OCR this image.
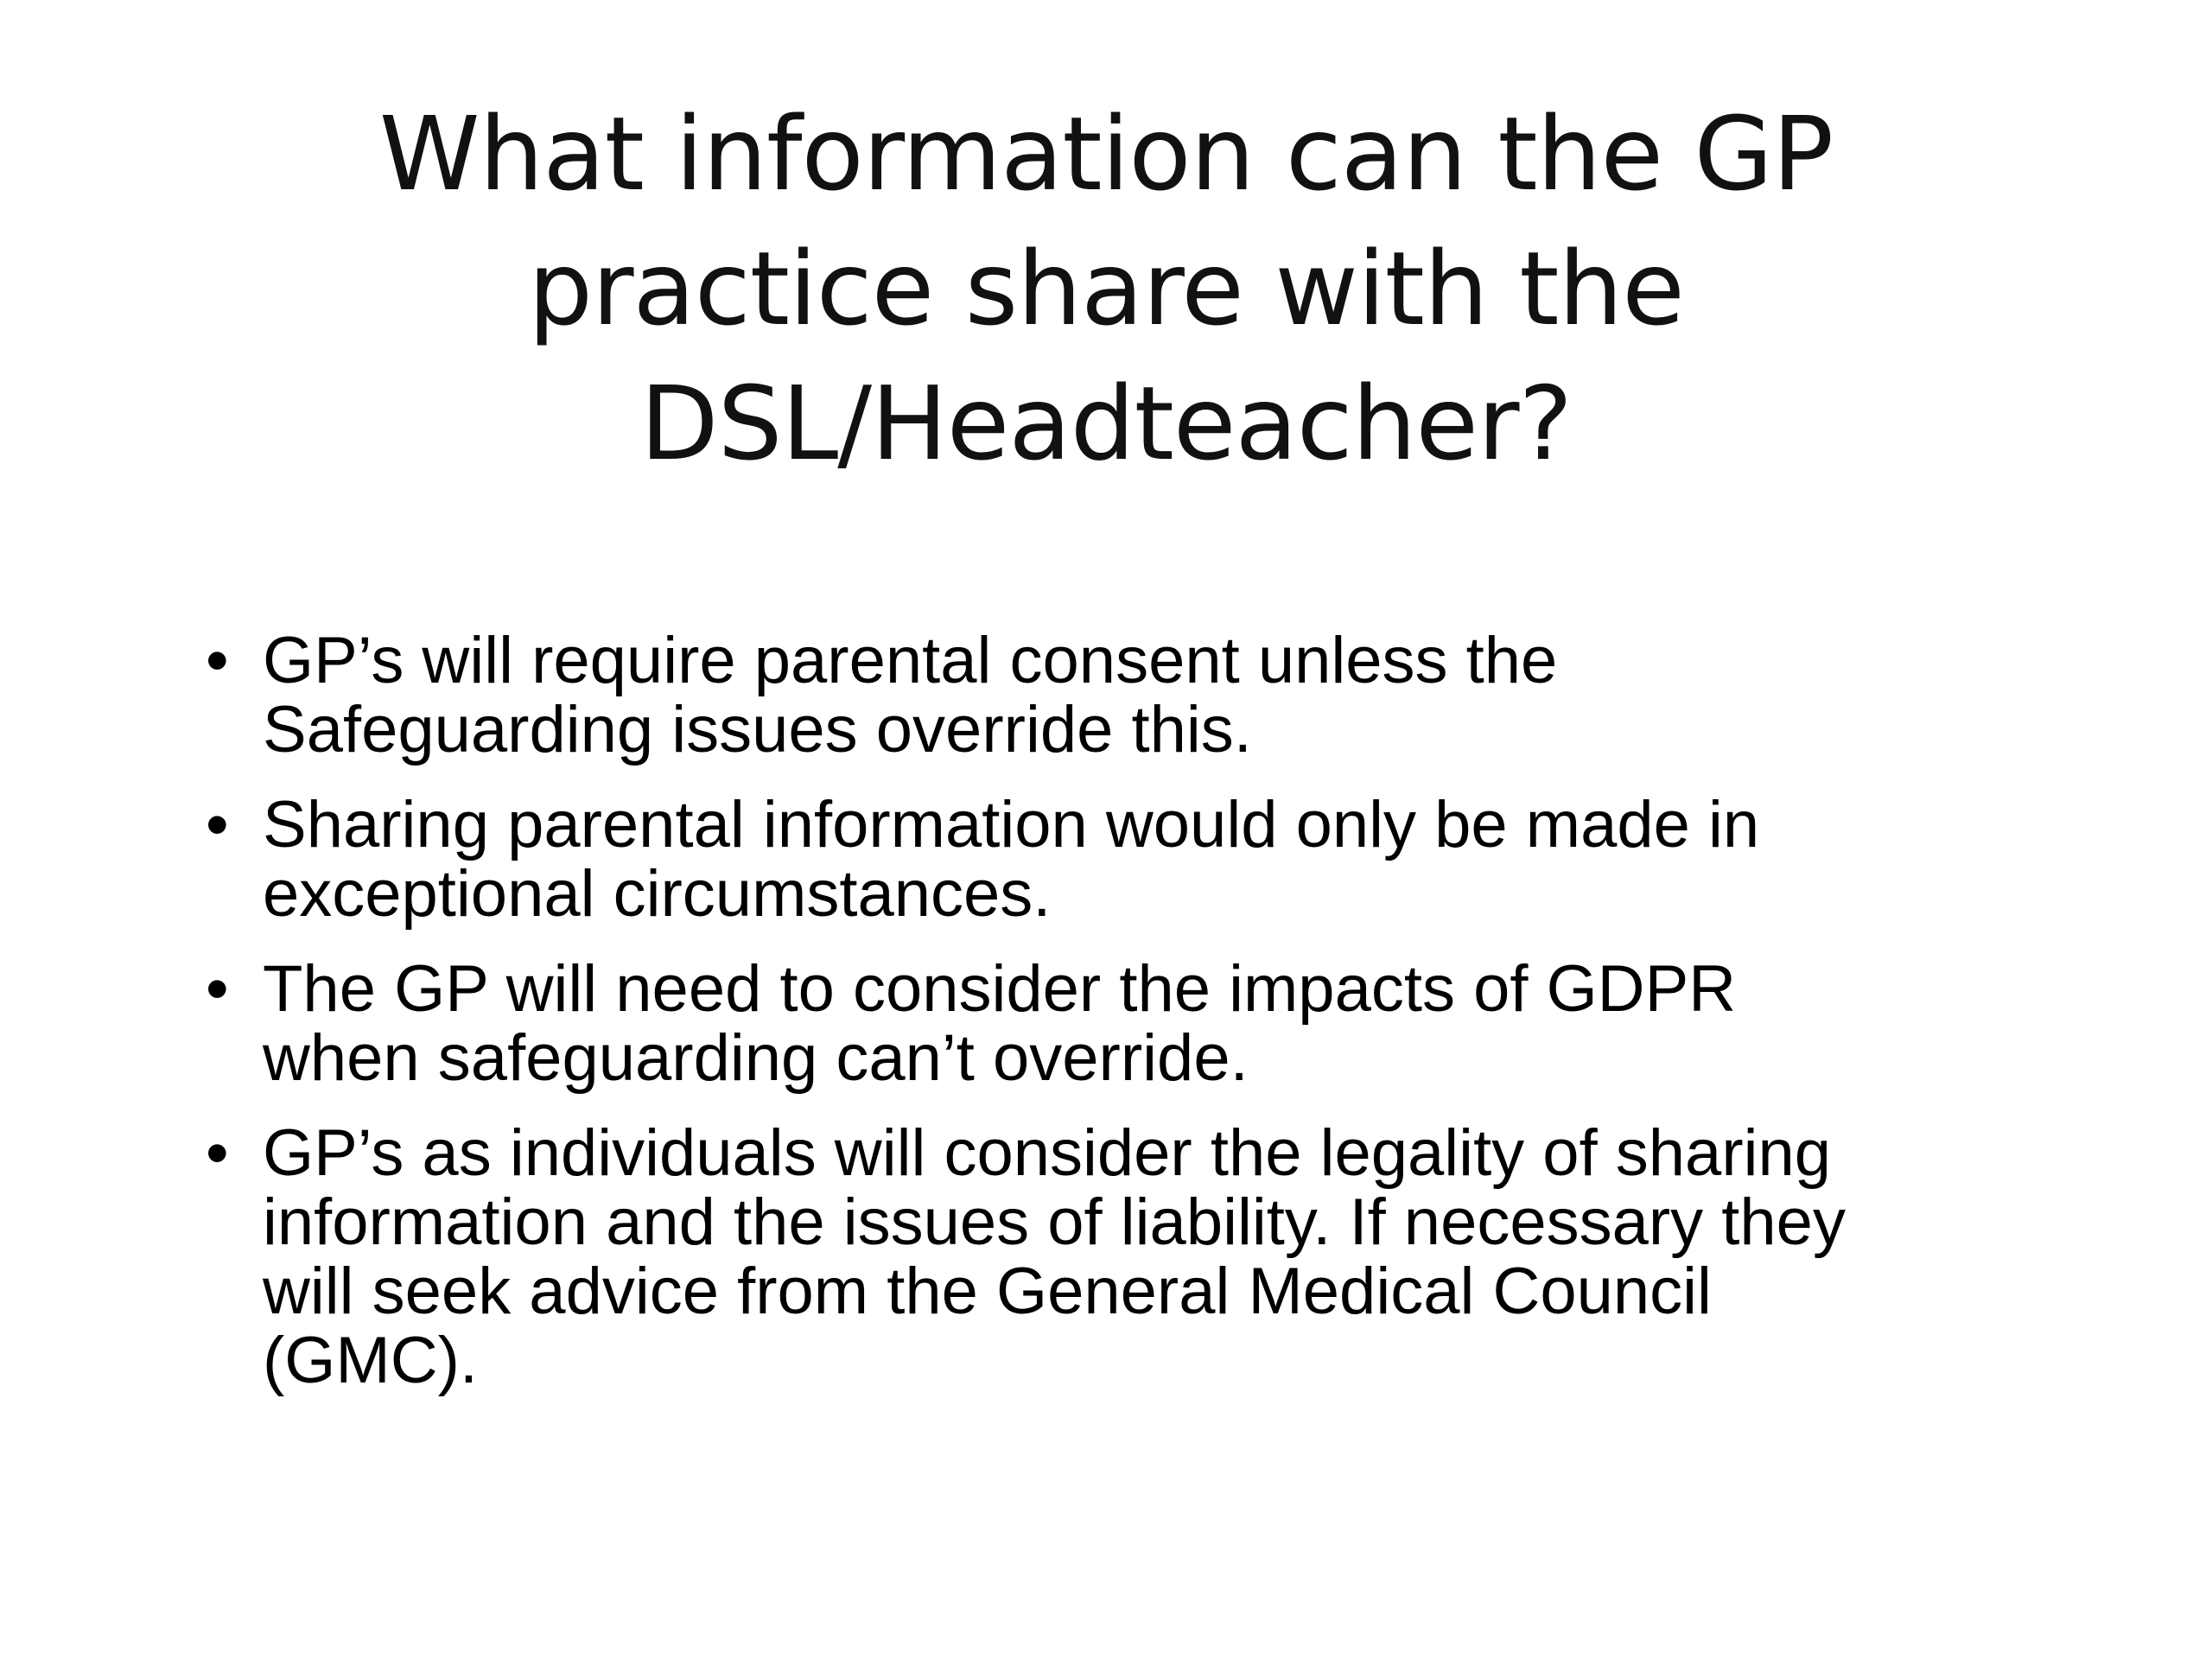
What information can the GP
practice share with the
DSL/Headteacher?
• GP’s will require parental consent unless the
Safeguarding issues override this.
• Sharing parental information would only be made in
exceptional circumstances.
• The GP will need to consider the impacts of GDPR
when safeguarding can’t override.
• GP’s as individuals will consider the legality of sharing
information and the issues of liability. If necessary they
will seek advice from the General Medical Council
(GMC).
